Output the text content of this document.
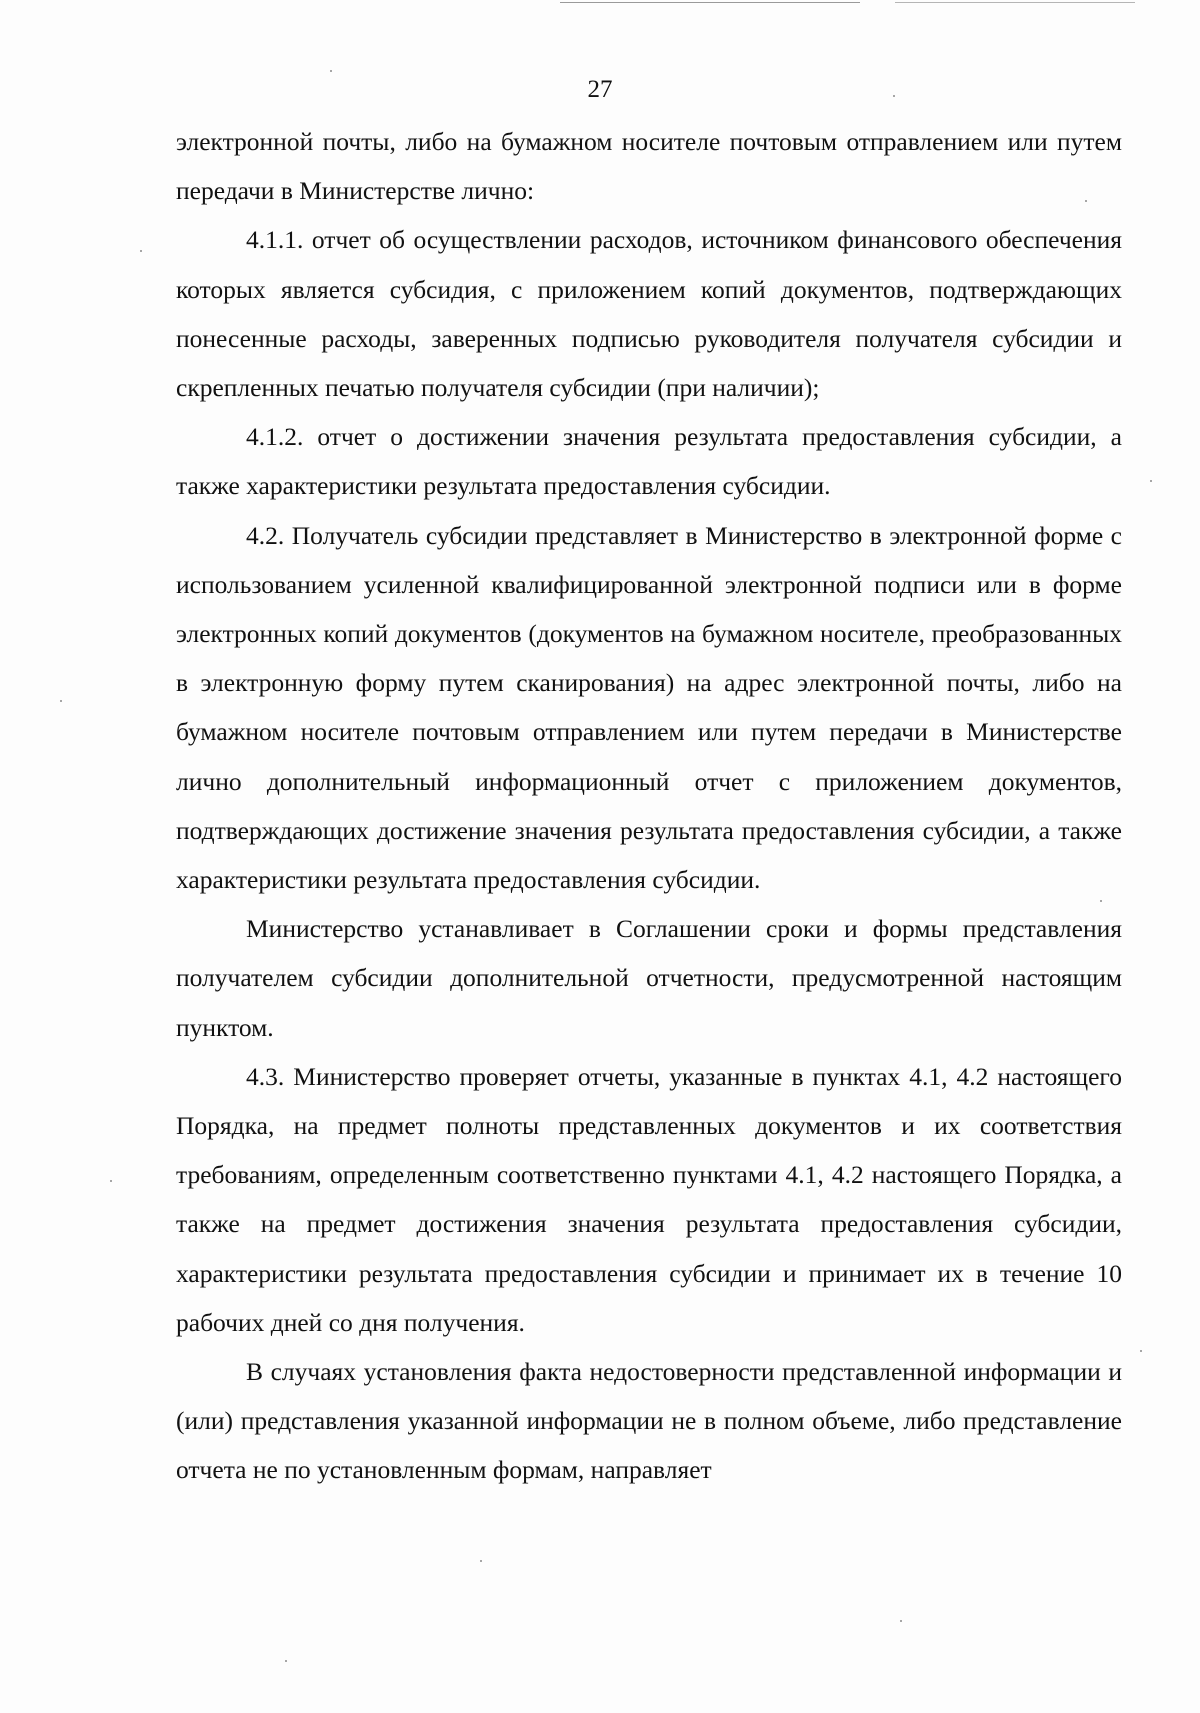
27

электронной почты, либо на бумажном носителе почтовым отправлением или путем передачи в Министерстве лично:

4.1.1. отчет об осуществлении расходов, источником финансового обеспечения которых является субсидия, с приложением копий документов, подтверждающих понесенные расходы, заверенных подписью руководителя получателя субсидии и скрепленных печатью получателя субсидии (при наличии);

4.1.2. отчет о достижении значения результата предоставления субсидии, а также характеристики результата предоставления субсидии.

4.2. Получатель субсидии представляет в Министерство в электронной форме с использованием усиленной квалифицированной электронной подписи или в форме электронных копий документов (документов на бумажном носителе, преобразованных в электронную форму путем сканирования) на адрес электронной почты, либо на бумажном носителе почтовым отправлением или путем передачи в Министерстве лично дополнительный информационный отчет с приложением документов, подтверждающих достижение значения результата предоставления субсидии, а также характеристики результата предоставления субсидии.

Министерство устанавливает в Соглашении сроки и формы представления получателем субсидии дополнительной отчетности, предусмотренной настоящим пунктом.

4.3. Министерство проверяет отчеты, указанные в пунктах 4.1, 4.2 настоящего Порядка, на предмет полноты представленных документов и их соответствия требованиям, определенным соответственно пунктами 4.1, 4.2 настоящего Порядка, а также на предмет достижения значения результата предоставления субсидии, характеристики результата предоставления субсидии и принимает их в течение 10 рабочих дней со дня получения.

В случаях установления факта недостоверности представленной информации и (или) представления указанной информации не в полном объеме, либо представление отчета не по установленным формам, направляет
